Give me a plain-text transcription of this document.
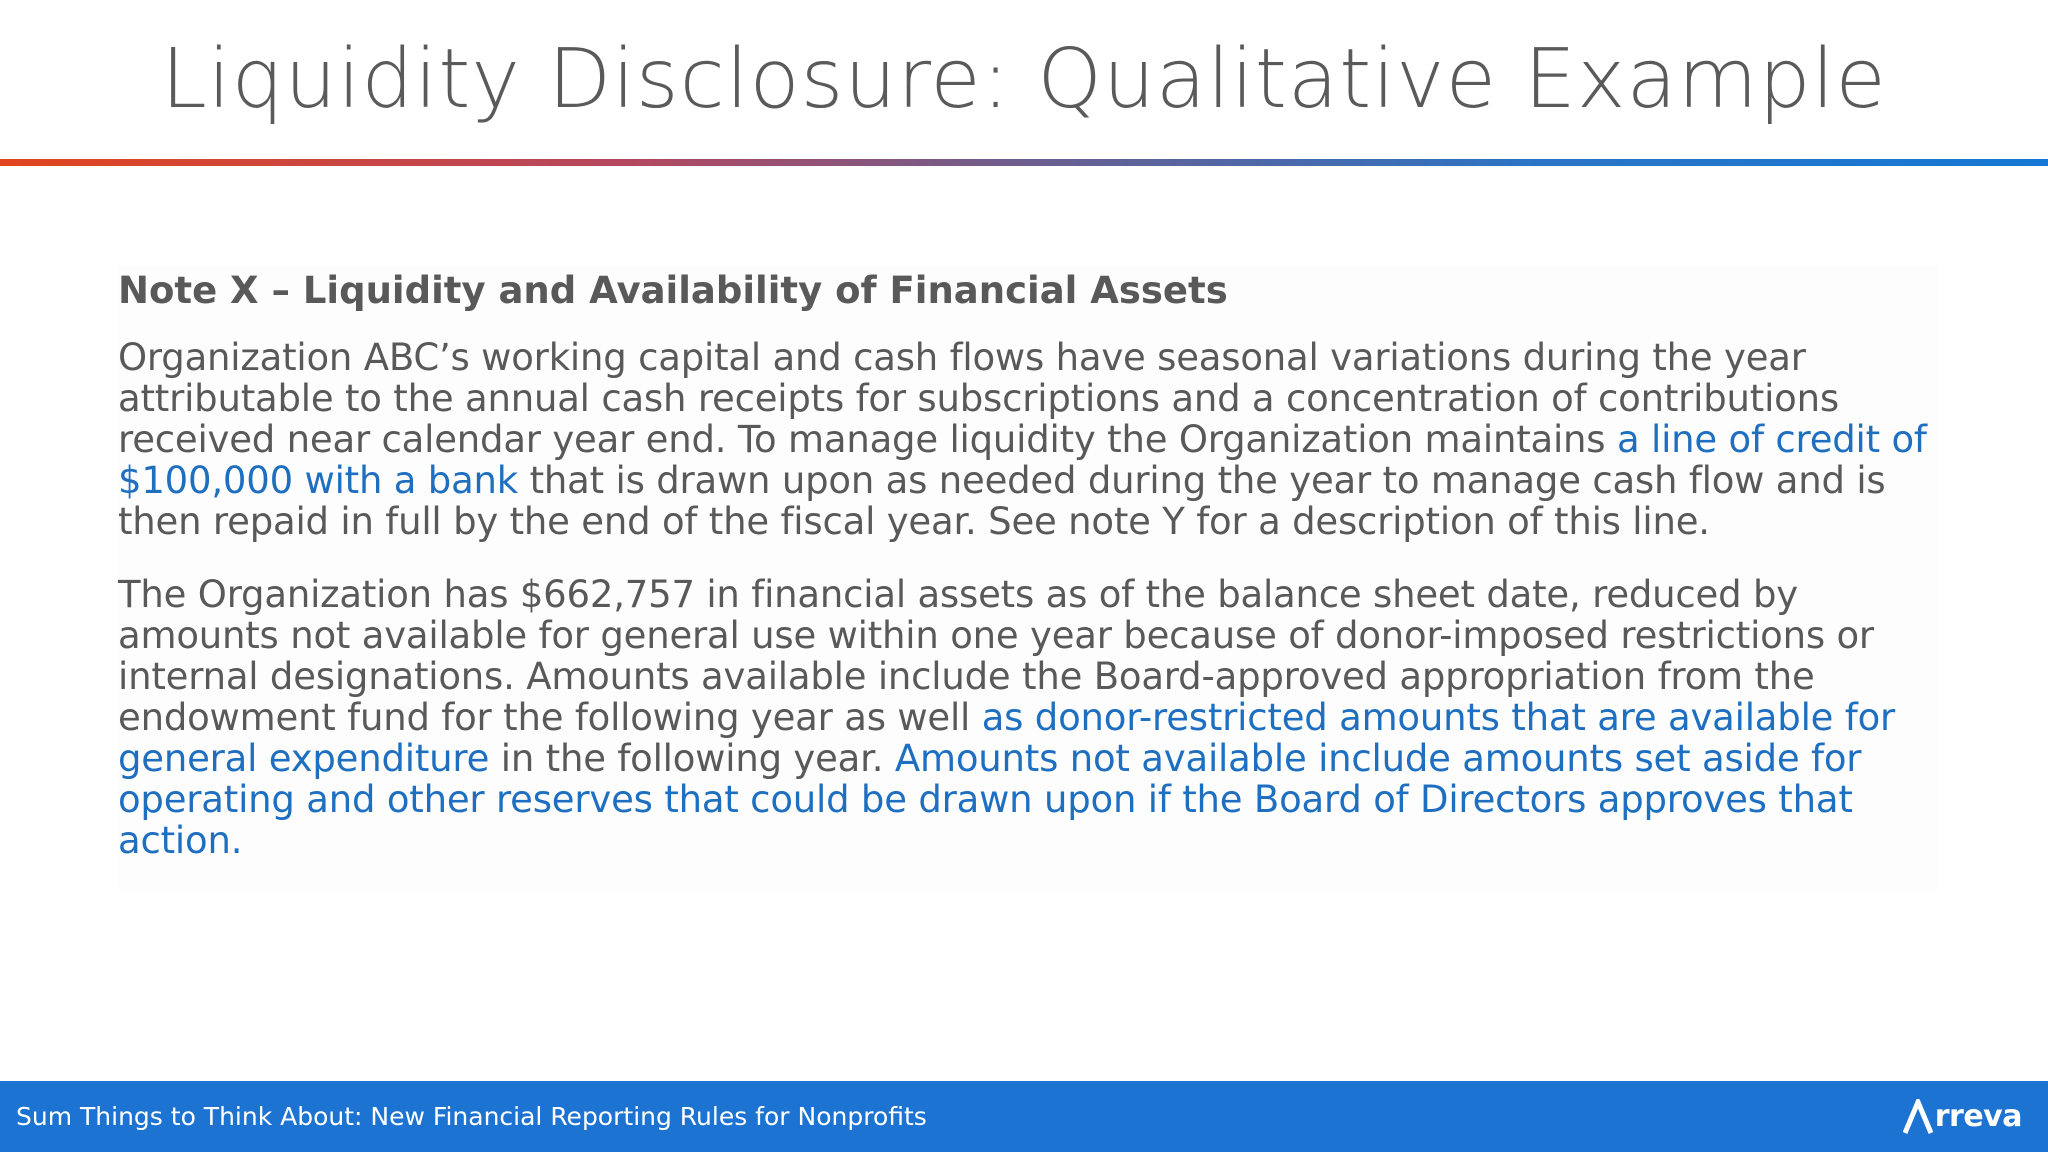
Liquidity Disclosure: Qualitative Example
Note X – Liquidity and Availability of Financial Assets

Organization ABC’s working capital and cash flows have seasonal variations during the year attributable to the annual cash receipts for subscriptions and a concentration of contributions received near calendar year end. To manage liquidity the Organization maintains a line of credit of $100,000 with a bank that is drawn upon as needed during the year to manage cash flow and is then repaid in full by the end of the fiscal year. See note Y for a description of this line.

The Organization has $662,757 in financial assets as of the balance sheet date, reduced by amounts not available for general use within one year because of donor-imposed restrictions or internal designations. Amounts available include the Board-approved appropriation from the endowment fund for the following year as well as donor-restricted amounts that are available for general expenditure in the following year. Amounts not available include amounts set aside for operating and other reserves that could be drawn upon if the Board of Directors approves that action.

Sum Things to Think About: New Financial Reporting Rules for Nonprofits	rreva
